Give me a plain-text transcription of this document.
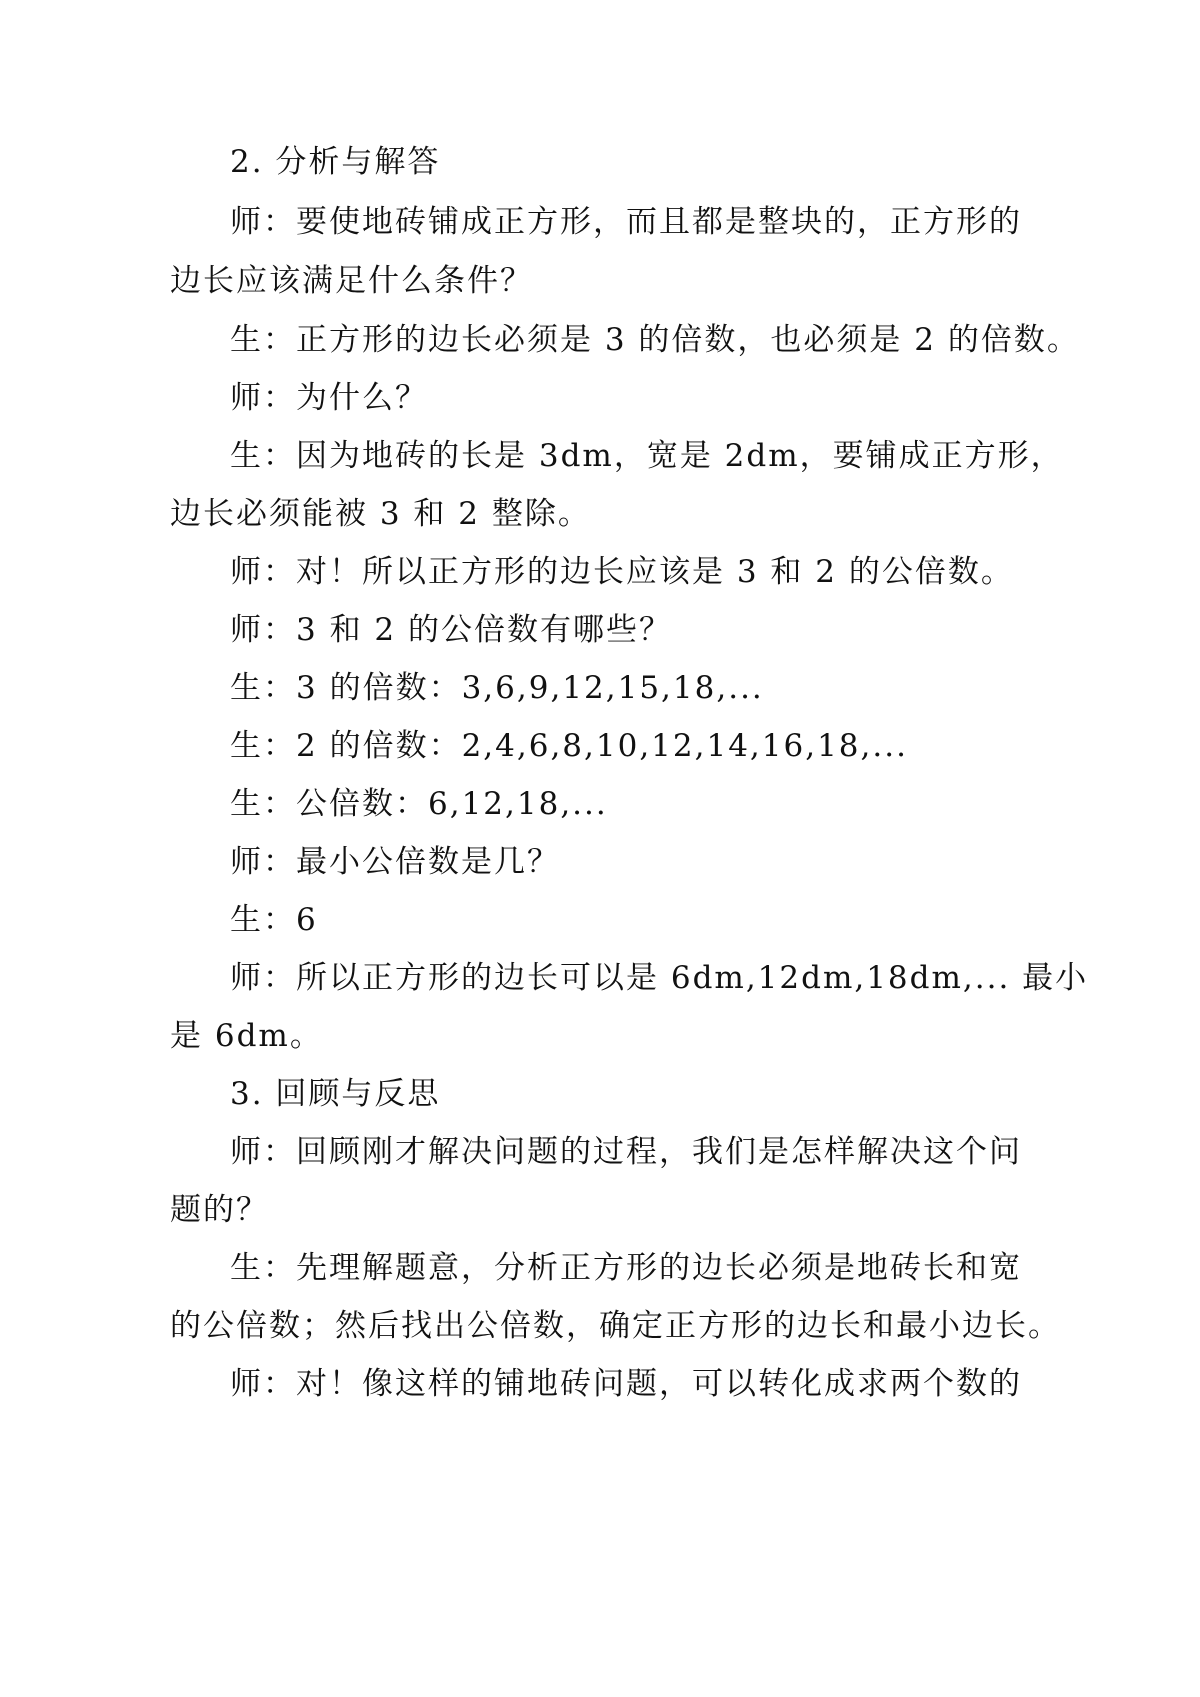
2. 分析与解答
师：要使地砖铺成正方形，而且都是整块的，正方形的
边长应该满足什么条件？
生：正方形的边长必须是 3 的倍数，也必须是 2 的倍数。
师：为什么？
生：因为地砖的长是 3dm，宽是 2dm，要铺成正方形，
边长必须能被 3 和 2 整除。
师：对！所以正方形的边长应该是 3 和 2 的公倍数。
师：3 和 2 的公倍数有哪些？
生：3 的倍数：3,6,9,12,15,18,...
生：2 的倍数：2,4,6,8,10,12,14,16,18,...
生：公倍数：6,12,18,...
师：最小公倍数是几？
生：6
师：所以正方形的边长可以是 6dm,12dm,18dm,... 最小
是 6dm。
3. 回顾与反思
师：回顾刚才解决问题的过程，我们是怎样解决这个问
题的？
生：先理解题意，分析正方形的边长必须是地砖长和宽
的公倍数；然后找出公倍数，确定正方形的边长和最小边长。
师：对！像这样的铺地砖问题，可以转化成求两个数的
